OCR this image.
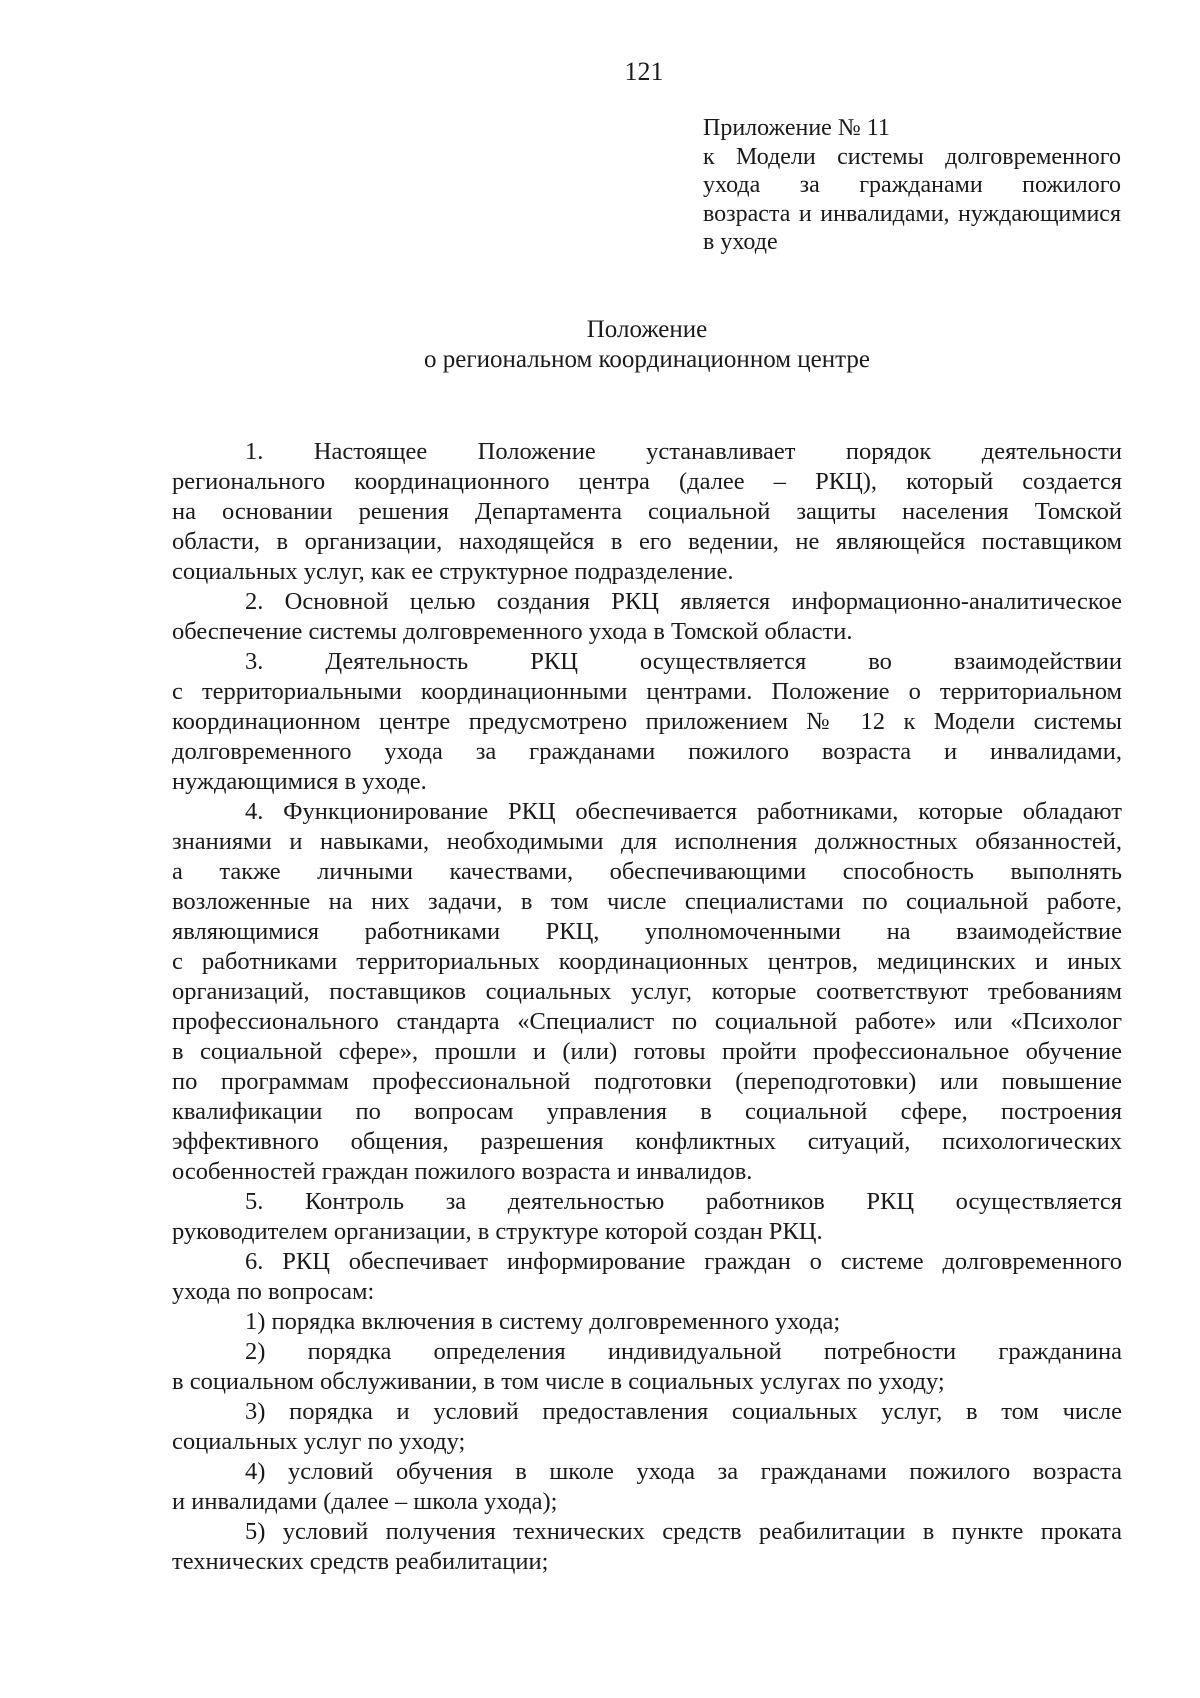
121
Приложение № 11
к Модели системы долговременного
ухода за гражданами пожилого
возраста и инвалидами, нуждающимися
в уходе
Положение
о региональном координационном центре
1. Настоящее Положение устанавливает порядок деятельности
регионального координационного центра (далее – РКЦ), который создается
на основании решения Департамента социальной защиты населения Томской
области, в организации, находящейся в его ведении, не являющейся поставщиком
социальных услуг, как ее структурное подразделение.
2. Основной целью создания РКЦ является информационно-аналитическое
обеспечение системы долговременного ухода в Томской области.
3. Деятельность РКЦ осуществляется во взаимодействии
с территориальными координационными центрами. Положение о территориальном
координационном центре предусмотрено приложением № 12 к Модели системы
долговременного ухода за гражданами пожилого возраста и инвалидами,
нуждающимися в уходе.
4. Функционирование РКЦ обеспечивается работниками, которые обладают
знаниями и навыками, необходимыми для исполнения должностных обязанностей,
а также личными качествами, обеспечивающими способность выполнять
возложенные на них задачи, в том числе специалистами по социальной работе,
являющимися работниками РКЦ, уполномоченными на взаимодействие
с работниками территориальных координационных центров, медицинских и иных
организаций, поставщиков социальных услуг, которые соответствуют требованиям
профессионального стандарта «Специалист по социальной работе» или «Психолог
в социальной сфере», прошли и (или) готовы пройти профессиональное обучение
по программам профессиональной подготовки (переподготовки) или повышение
квалификации по вопросам управления в социальной сфере, построения
эффективного общения, разрешения конфликтных ситуаций, психологических
особенностей граждан пожилого возраста и инвалидов.
5. Контроль за деятельностью работников РКЦ осуществляется
руководителем организации, в структуре которой создан РКЦ.
6. РКЦ обеспечивает информирование граждан о системе долговременного
ухода по вопросам:
1) порядка включения в систему долговременного ухода;
2) порядка определения индивидуальной потребности гражданина
в социальном обслуживании, в том числе в социальных услугах по уходу;
3) порядка и условий предоставления социальных услуг, в том числе
социальных услуг по уходу;
4) условий обучения в школе ухода за гражданами пожилого возраста
и инвалидами (далее – школа ухода);
5) условий получения технических средств реабилитации в пункте проката
технических средств реабилитации;
